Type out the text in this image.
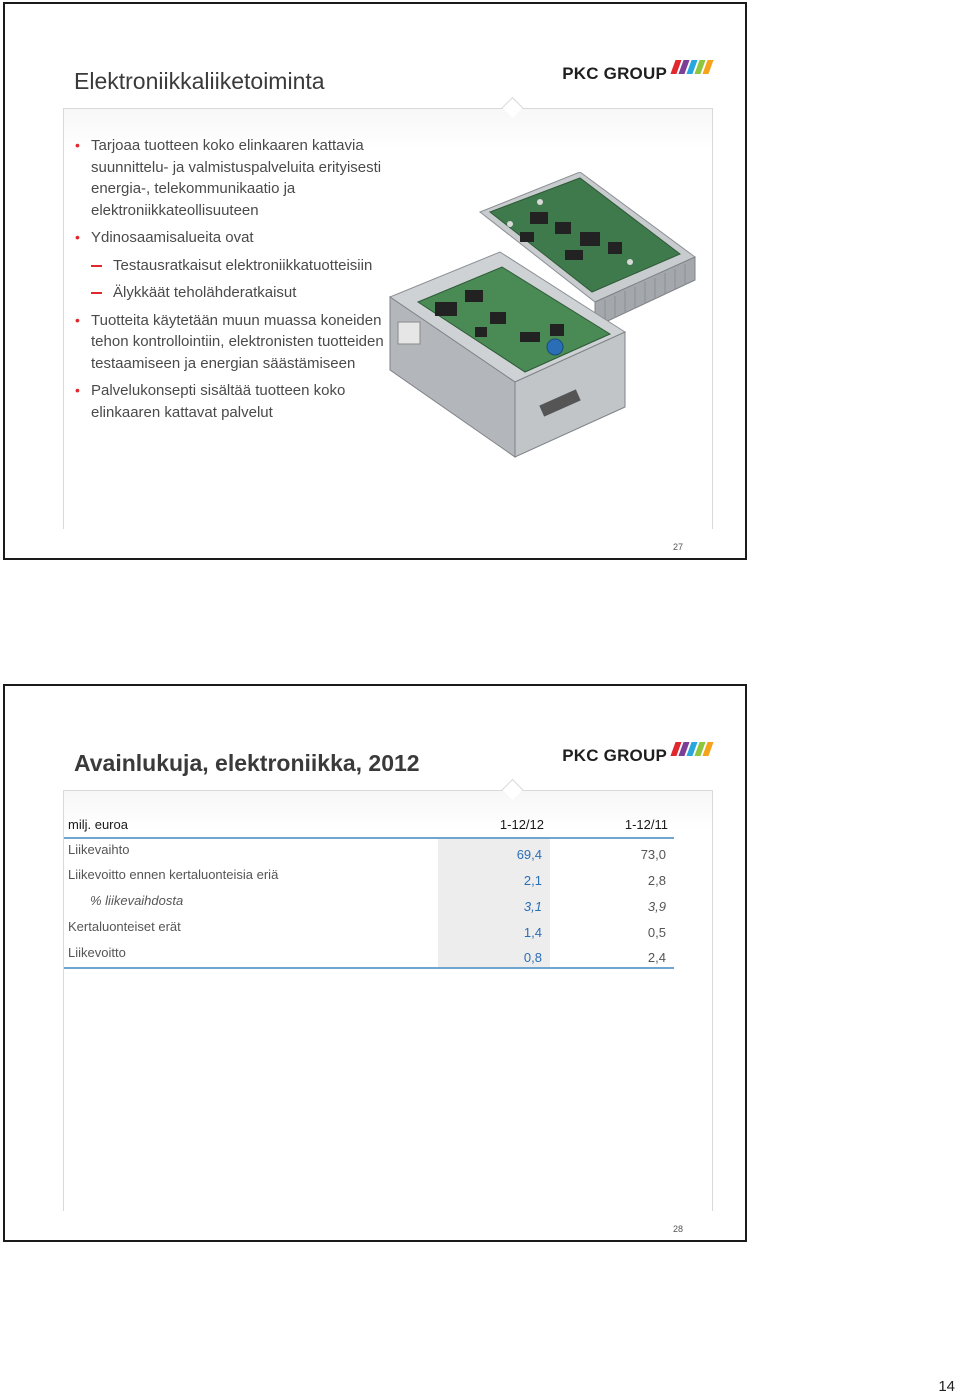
Elektroniikkaliiketoiminta	PKC GROUP
• Tarjoaa tuotteen koko elinkaaren kattavia suunnittelu- ja valmistuspalveluita erityisesti energia-, telekommunikaatio ja elektroniikkateollisuuteen
• Ydinosaamisalueita ovat
Testausratkaisut elektroniikkatuotteisiin
Älykkäät teholähderatkaisut
• Tuotteita käytetään muun muassa koneiden tehon kontrollointiin, elektronisten tuotteiden testaamiseen ja energian säästämiseen
• Palvelukonsepti sisältää tuotteen koko elinkaaren kattavat palvelut
27
Avainlukuja, elektroniikka, 2012	PKC GROUP
28
milj. euroa	1-12/12	1-12/11
Liikevaihto	69,4	73,0
Liikevoitto ennen kertaluonteisia eriä	2,1	2,8
% liikevaihdosta	3,1	3,9
Kertaluonteiset erät	1,4	0,5
Liikevoitto	0,8	2,4
14
